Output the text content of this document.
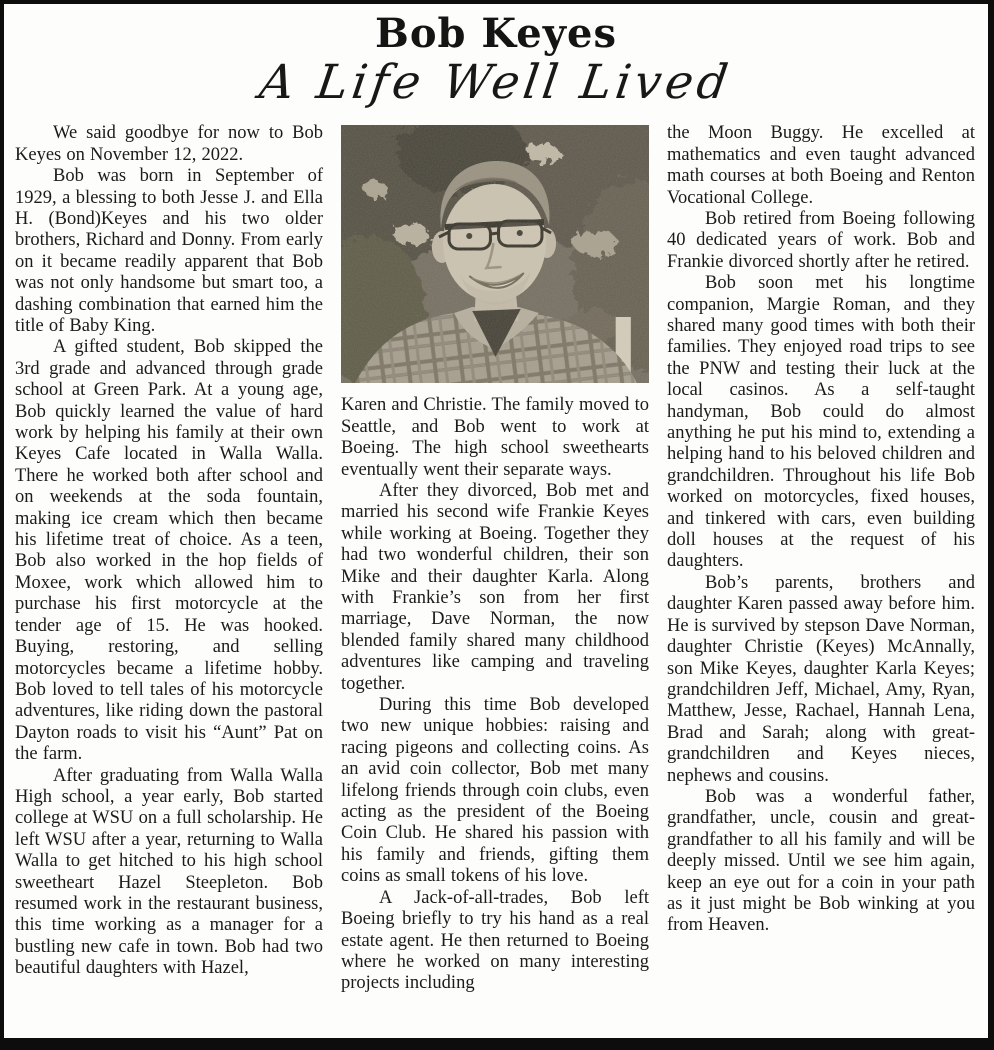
Bob Keyes
A Life Well Lived

We said goodbye for now to Bob Keyes on November 12, 2022.

Bob was born in September of 1929, a blessing to both Jesse J. and Ella H. (Bond)Keyes and his two older brothers, Richard and Donny. From early on it became readily apparent that Bob was not only handsome but smart too, a dashing combination that earned him the title of Baby King.

A gifted student, Bob skipped the 3rd grade and advanced through grade school at Green Park. At a young age, Bob quickly learned the value of hard work by helping his family at their own Keyes Cafe located in Walla Walla. There he worked both after school and on weekends at the soda fountain, making ice cream which then became his lifetime treat of choice. As a teen, Bob also worked in the hop fields of Moxee, work which allowed him to purchase his first motorcycle at the tender age of 15. He was hooked. Buying, restoring, and selling motorcycles became a lifetime hobby. Bob loved to tell tales of his motorcycle adventures, like riding down the pastoral Dayton roads to visit his “Aunt” Pat on the farm.

After graduating from Walla Walla High school, a year early, Bob started college at WSU on a full scholarship. He left WSU after a year, returning to Walla Walla to get hitched to his high school sweetheart Hazel Steepleton. Bob resumed work in the restaurant business, this time working as a manager for a bustling new cafe in town. Bob had two beautiful daughters with Hazel,

Karen and Christie. The family moved to Seattle, and Bob went to work at Boeing. The high school sweethearts eventually went their separate ways.

After they divorced, Bob met and married his second wife Frankie Keyes while working at Boeing. Together they had two wonderful children, their son Mike and their daughter Karla. Along with Frankie’s son from her first marriage, Dave Norman, the now blended family shared many childhood adventures like camping and traveling together.

During this time Bob developed two new unique hobbies: raising and racing pigeons and collecting coins. As an avid coin collector, Bob met many lifelong friends through coin clubs, even acting as the president of the Boeing Coin Club. He shared his passion with his family and friends, gifting them coins as small tokens of his love.

A Jack-of-all-trades, Bob left Boeing briefly to try his hand as a real estate agent. He then returned to Boeing where he worked on many interesting projects including

the Moon Buggy. He excelled at mathematics and even taught advanced math courses at both Boeing and Renton Vocational College.

Bob retired from Boeing following 40 dedicated years of work. Bob and Frankie divorced shortly after he retired.

Bob soon met his longtime companion, Margie Roman, and they shared many good times with both their families. They enjoyed road trips to see the PNW and testing their luck at the local casinos. As a self-taught handyman, Bob could do almost anything he put his mind to, extending a helping hand to his beloved children and grandchildren. Throughout his life Bob worked on motorcycles, fixed houses, and tinkered with cars, even building doll houses at the request of his daughters.

Bob’s parents, brothers and daughter Karen passed away before him. He is survived by stepson Dave Norman, daughter Christie (Keyes) McAnnally, son Mike Keyes, daughter Karla Keyes; grandchildren Jeff, Michael, Amy, Ryan, Matthew, Jesse, Rachael, Hannah Lena, Brad and Sarah; along with great-grandchildren and Keyes nieces, nephews and cousins.

Bob was a wonderful father, grandfather, uncle, cousin and great-grandfather to all his family and will be deeply missed. Until we see him again, keep an eye out for a coin in your path as it just might be Bob winking at you from Heaven.
